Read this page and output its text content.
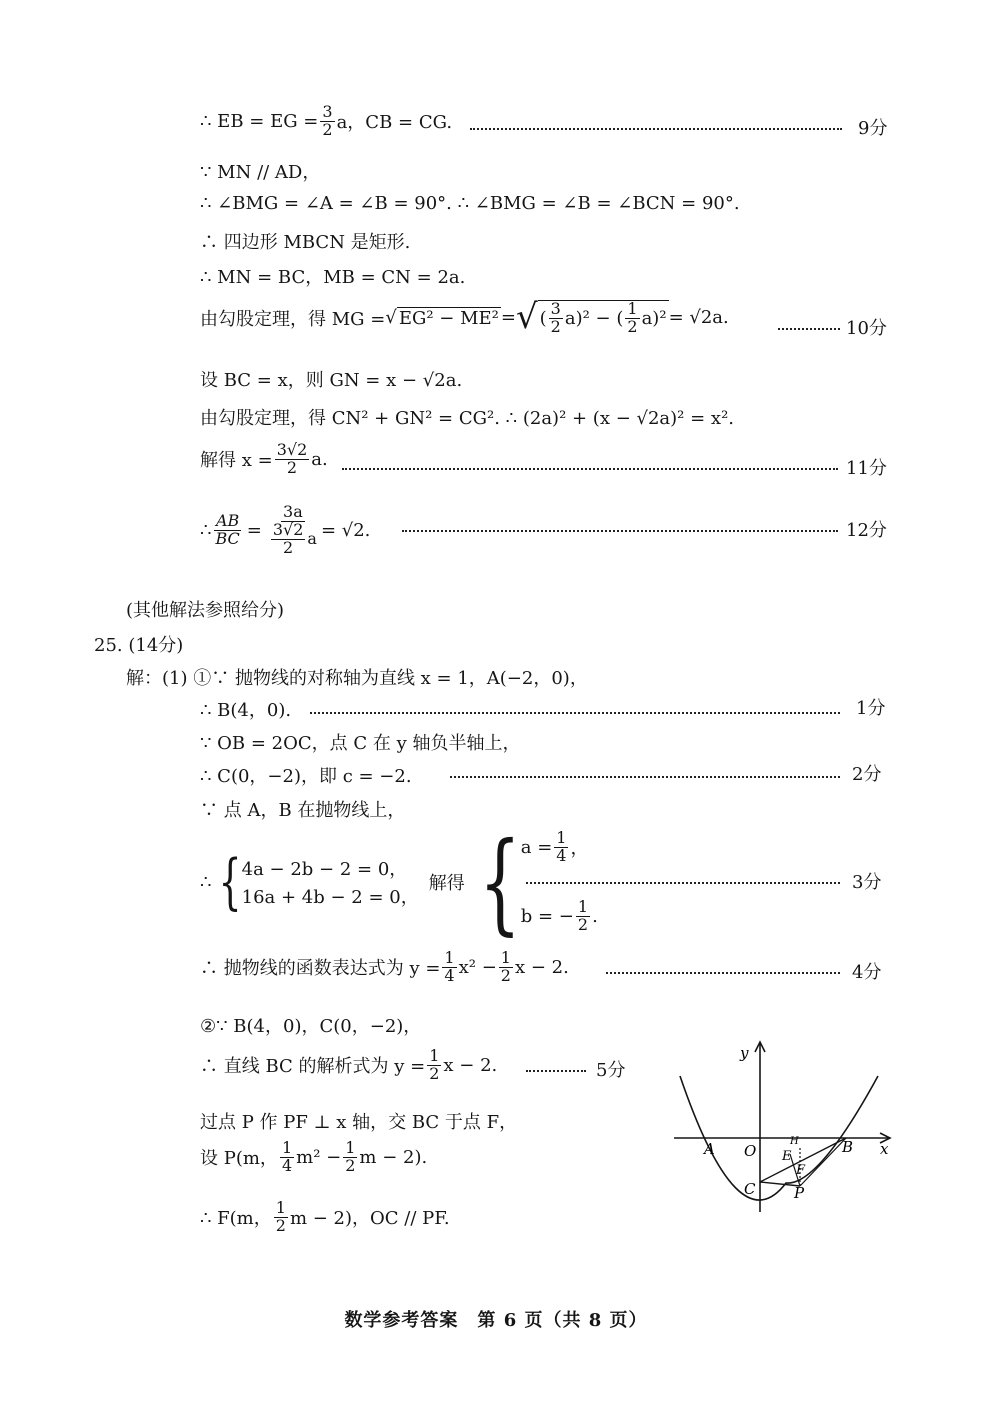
∴ EB = EG = $\frac{3}{2}$ a，CB = CG.	9分
∵ MN // AD，
∴ ∠BMG = ∠A = ∠B = 90°. ∴ ∠BMG = ∠B = ∠BCN = 90°.
∴ 四边形 MBCN 是矩形.
∴ MN = BC，MB = CN = 2a.
由勾股定理，得 MG = √ EG² − ME² = √ ( $\frac{3}{2} a)^2$ − ( $\frac{1}{2} a)^2 = √2a$.
10分
设 BC = x，则 GN = x − √2a.
由勾股定理，得 CN² + GN² = CG². ∴ (2a)² + (x − √2a)² = x².
解得 $x = \frac{3√2}{2} a$.	11分
∴ $\frac{AB}{BC} = \frac{3a}{\frac{3√2}{2} a} = √2$.	12分
(其他解法参照给分)
25. (14分)
解：(1) ①∵ 抛物线的对称轴为直线 x = 1，A(−2，0)，
∴ B(4，0).	1分
∵ OB = 2OC，点 C 在 y 轴负半轴上，
∴ C(0，−2)，即 c = −2.	2分
∵ 点 A，B 在抛物线上，
∴ { 4a − 2b − 2 = 0，
16a + 4b − 2 = 0，
解得 { $a = \frac{1}{4}$ ，
b = − $\frac{1}{2}$ .
3分
∴ 抛物线的函数表达式为 $y = \frac{1}{4} x^2 - \frac{1}{2}$ x − 2.	4分
②∵ B(4，0)，C(0，−2)，
∴ 直线 BC 的解析式为 $y = \frac{1}{2}$ x − 2.	5分
过点 P 作 PF ⊥ x 轴，交 BC 于点 F，
设 P(m， $\frac{1}{4} m^2 - \frac{1}{2}$ m − 2).
∴ F(m， $\frac{1}{2}$ m − 2)，OC // PF.
y
x
A O	B
C	P
E
F
H
数学参考答案　第 6 页（共 8 页）
